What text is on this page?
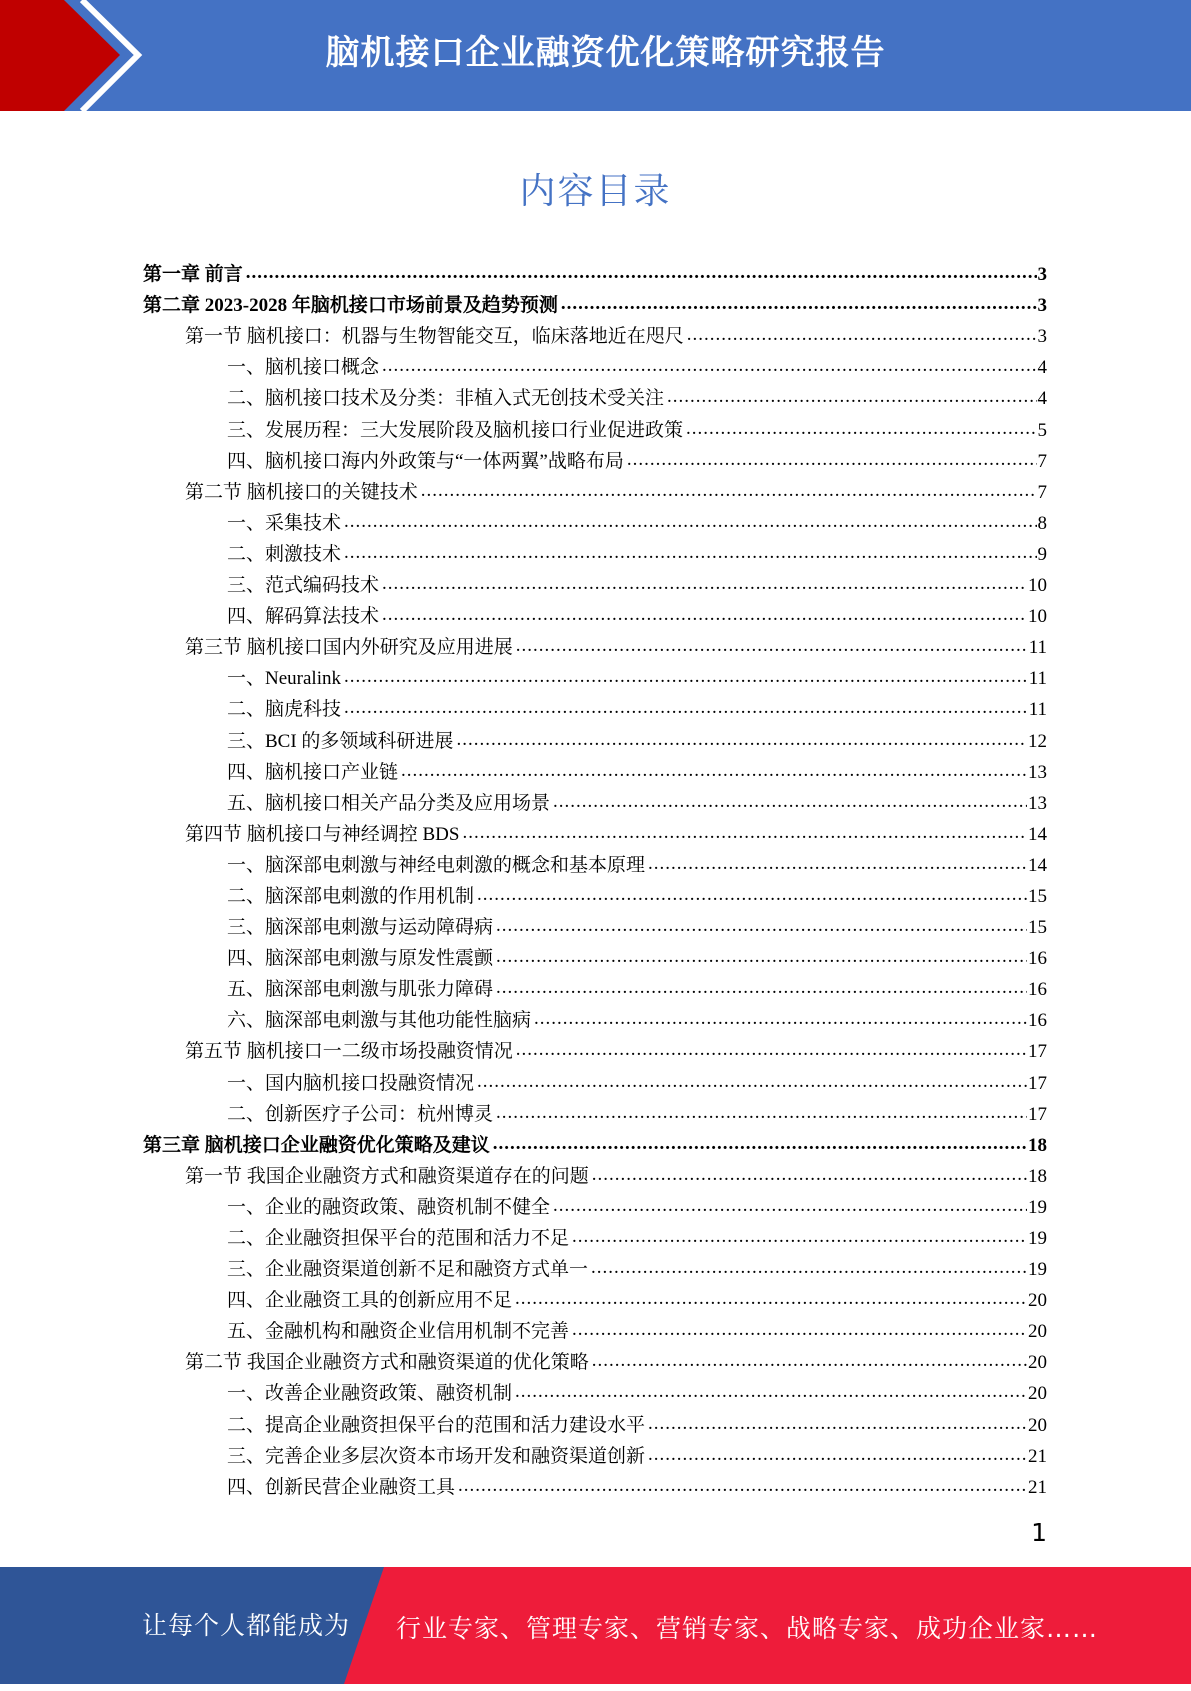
脑机接口企业融资优化策略研究报告
内容目录
第一章 前言 .....	3
第二章 2023-2028 年脑机接口市场前景及趋势预测 .....	3
第一节 脑机接口：机器与生物智能交互，临床落地近在咫尺 .....	3
一、脑机接口概念 .....	4
二、脑机接口技术及分类：非植入式无创技术受关注 .....	4
三、发展历程：三大发展阶段及脑机接口行业促进政策 .....	5
四、脑机接口海内外政策与“一体两翼”战略布局 .....	7
第二节 脑机接口的关键技术 .....	7
一、采集技术 .....	8
二、刺激技术 .....	9
三、范式编码技术 .....	10
四、解码算法技术 .....	10
第三节 脑机接口国内外研究及应用进展 .....	11
一、Neuralink .....	11
二、脑虎科技 .....	11
三、BCI 的多领域科研进展 .....	12
四、脑机接口产业链 .....	13
五、脑机接口相关产品分类及应用场景 .....	13
第四节 脑机接口与神经调控 BDS .....	14
一、脑深部电刺激与神经电刺激的概念和基本原理 .....	14
二、脑深部电刺激的作用机制 .....	15
三、脑深部电刺激与运动障碍病 .....	15
四、脑深部电刺激与原发性震颤 .....	16
五、脑深部电刺激与肌张力障碍 .....	16
六、脑深部电刺激与其他功能性脑病 .....	16
第五节 脑机接口一二级市场投融资情况 .....	17
一、国内脑机接口投融资情况 .....	17
二、创新医疗子公司：杭州博灵 .....	17
第三章 脑机接口企业融资优化策略及建议 .....	18
第一节 我国企业融资方式和融资渠道存在的问题 .....	18
一、企业的融资政策、融资机制不健全 .....	19
二、企业融资担保平台的范围和活力不足 .....	19
三、企业融资渠道创新不足和融资方式单一 .....	19
四、企业融资工具的创新应用不足 .....	20
五、金融机构和融资企业信用机制不完善 .....	20
第二节 我国企业融资方式和融资渠道的优化策略 .....	20
一、改善企业融资政策、融资机制 .....	20
二、提高企业融资担保平台的范围和活力建设水平 .....	20
三、完善企业多层次资本市场开发和融资渠道创新 .....	21
四、创新民营企业融资工具 .....	21
1
让每个人都能成为 行业专家、管理专家、营销专家、战略专家、成功企业家……
